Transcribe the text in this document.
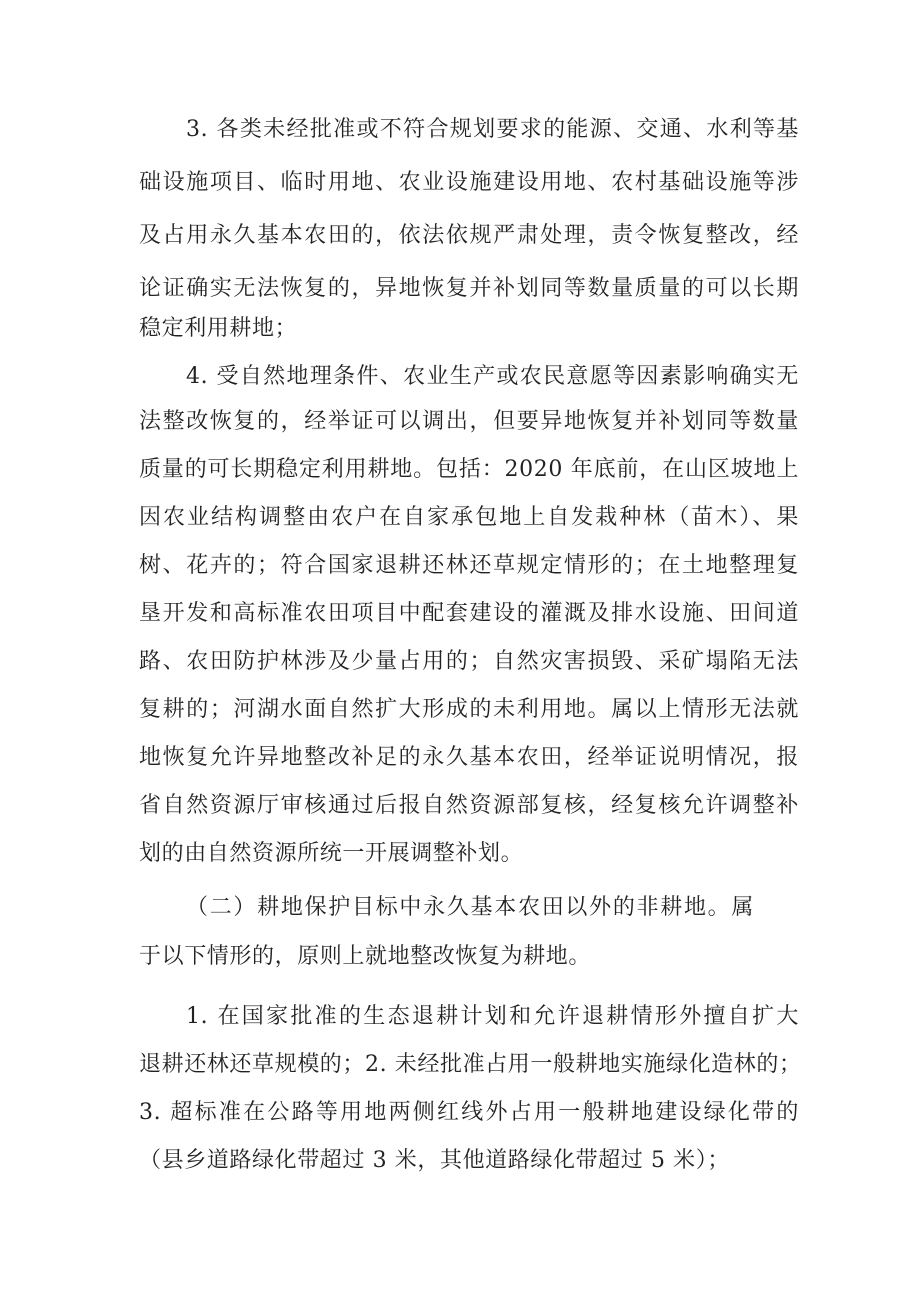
3. 各类未经批准或不符合规划要求的能源、交通、水利等基
础设施项目、临时用地、农业设施建设用地、农村基础设施等涉
及占用永久基本农田的，依法依规严肃处理，责令恢复整改，经
论证确实无法恢复的，异地恢复并补划同等数量质量的可以长期
稳定利用耕地；
4. 受自然地理条件、农业生产或农民意愿等因素影响确实无
法整改恢复的，经举证可以调出，但要异地恢复并补划同等数量
质量的可长期稳定利用耕地。包括：2020 年底前，在山区坡地上
因农业结构调整由农户在自家承包地上自发栽种林（苗木）、果
树、花卉的；符合国家退耕还林还草规定情形的；在土地整理复
垦开发和高标准农田项目中配套建设的灌溉及排水设施、田间道
路、农田防护林涉及少量占用的；自然灾害损毁、采矿塌陷无法
复耕的；河湖水面自然扩大形成的未利用地。属以上情形无法就
地恢复允许异地整改补足的永久基本农田，经举证说明情况，报
省自然资源厅审核通过后报自然资源部复核，经复核允许调整补
划的由自然资源所统一开展调整补划。
（二）耕地保护目标中永久基本农田以外的非耕地。属
于以下情形的，原则上就地整改恢复为耕地。
1. 在国家批准的生态退耕计划和允许退耕情形外擅自扩大
退耕还林还草规模的；2. 未经批准占用一般耕地实施绿化造林的；
3. 超标准在公路等用地两侧红线外占用一般耕地建设绿化带的
（县乡道路绿化带超过 3 米，其他道路绿化带超过 5 米）；
